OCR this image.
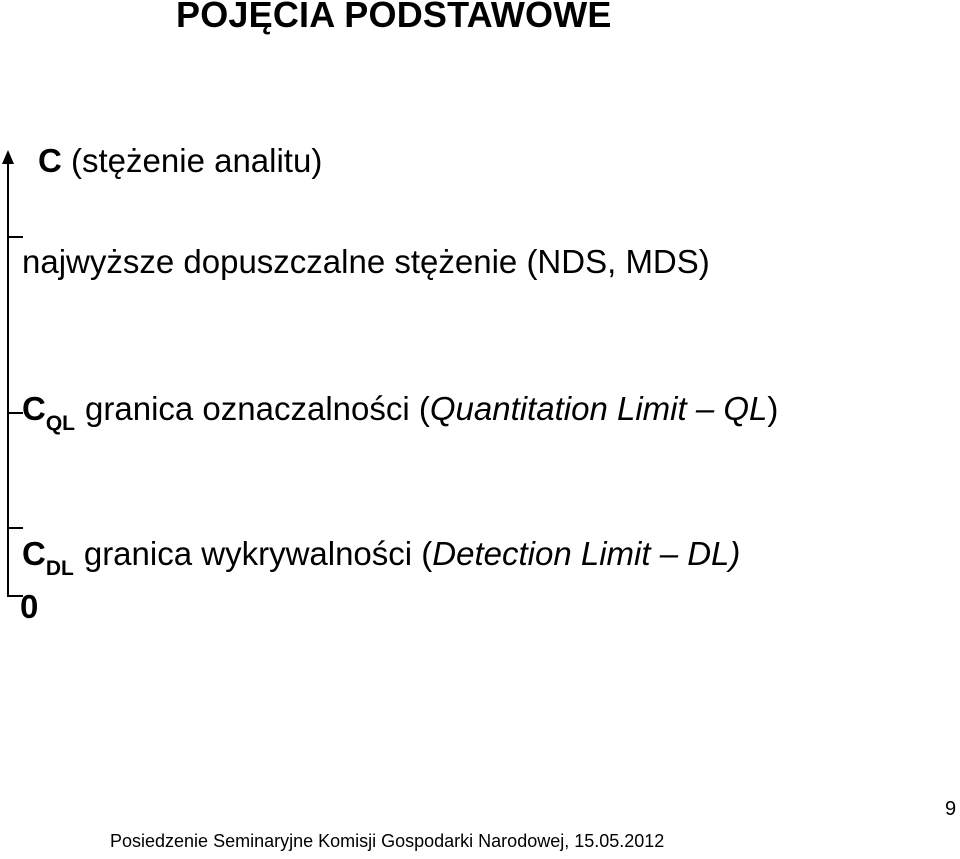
POJĘCIA PODSTAWOWE
C (stężenie analitu)
najwyższe dopuszczalne stężenie (NDS, MDS)
$C_{QL}$ granica oznaczalności (Quantitation Limit – QL)
$C_{DL}$ granica wykrywalności (Detection Limit – DL)
0
9
Posiedzenie Seminaryjne Komisji Gospodarki Narodowej, 15.05.2012
